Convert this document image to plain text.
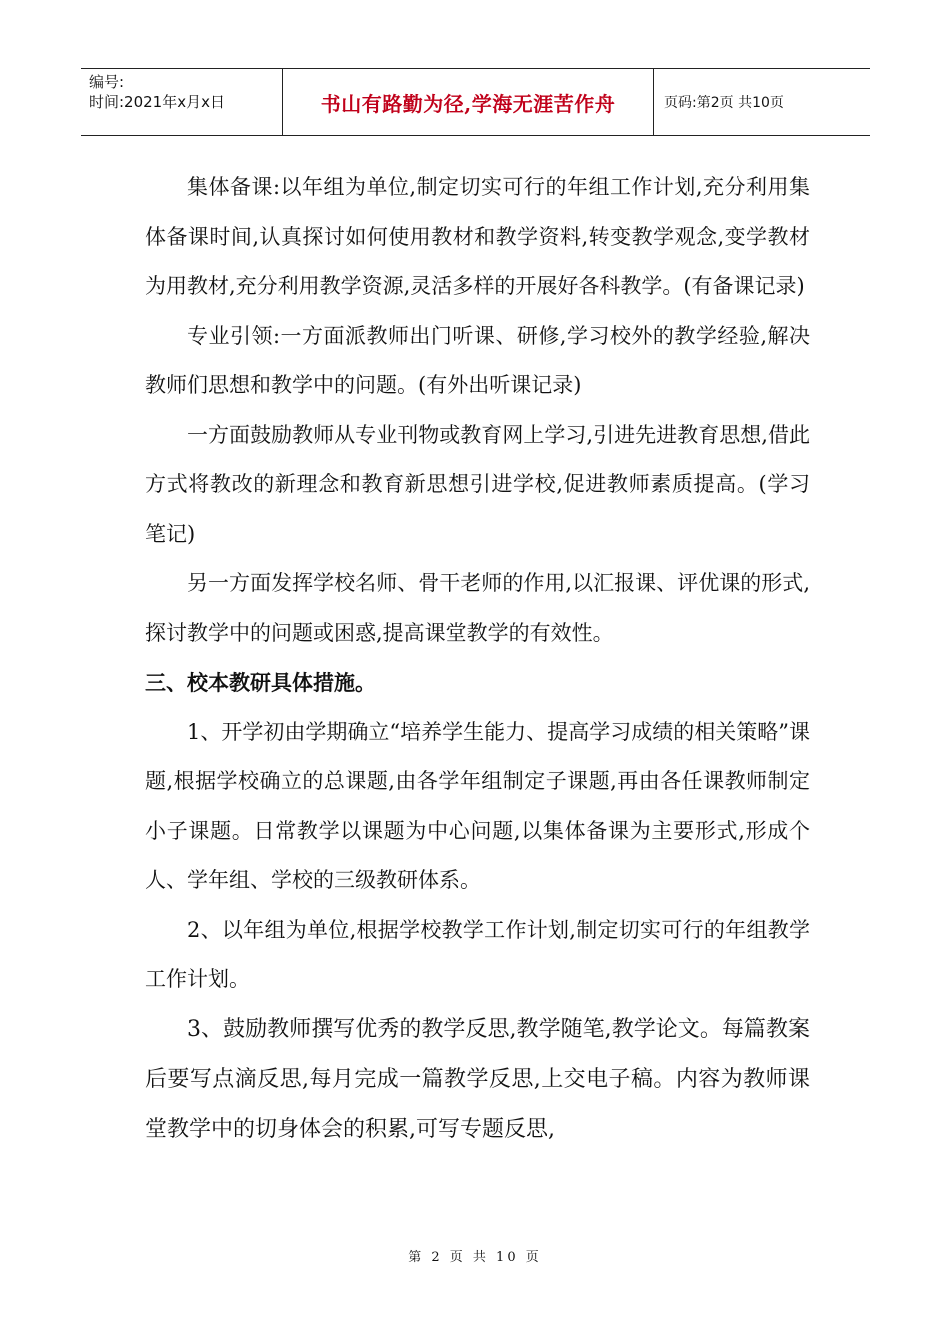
编号:
时间:2021年x月x日	书山有路勤为径,学海无涯苦作舟	页码:第2页 共10页

集体备课:以年组为单位,制定切实可行的年组工作计划,充分利用集体备课时间,认真探讨如何使用教材和教学资料,转变教学观念,变学教材为用教材,充分利用教学资源,灵活多样的开展好各科教学。(有备课记录)

专业引领:一方面派教师出门听课、研修,学习校外的教学经验,解决教师们思想和教学中的问题。(有外出听课记录)

一方面鼓励教师从专业刊物或教育网上学习,引进先进教育思想,借此方式将教改的新理念和教育新思想引进学校,促进教师素质提高。(学习笔记)

另一方面发挥学校名师、骨干老师的作用,以汇报课、评优课的形式,探讨教学中的问题或困惑,提高课堂教学的有效性。

三、校本教研具体措施。

1、开学初由学期确立“培养学生能力、提高学习成绩的相关策略”课题,根据学校确立的总课题,由各学年组制定子课题,再由各任课教师制定小子课题。日常教学以课题为中心问题,以集体备课为主要形式,形成个人、学年组、学校的三级教研体系。

2、以年组为单位,根据学校教学工作计划,制定切实可行的年组教学工作计划。

3、鼓励教师撰写优秀的教学反思,教学随笔,教学论文。每篇教案后要写点滴反思,每月完成一篇教学反思,上交电子稿。内容为教师课堂教学中的切身体会的积累,可写专题反思,

第 2 页 共 10 页
